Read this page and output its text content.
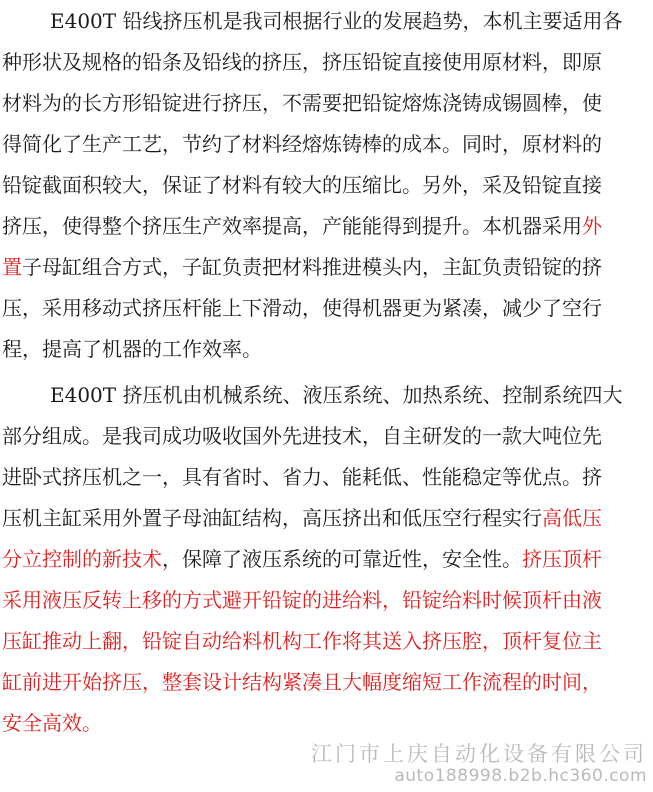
E400T 铅线挤压机是我司根据行业的发展趋势，本机主要适用各
种形状及规格的铅条及铅线的挤压，挤压铅锭直接使用原材料，即原
材料为的长方形铅锭进行挤压，不需要把铅锭熔炼浇铸成锡圆棒，使
得简化了生产工艺，节约了材料经熔炼铸棒的成本。同时，原材料的
铅锭截面积较大，保证了材料有较大的压缩比。另外，采及铅锭直接
挤压，使得整个挤压生产效率提高，产能能得到提升。本机器采用外
置子母缸组合方式，子缸负责把材料推进模头内，主缸负责铅锭的挤
压，采用移动式挤压杆能上下滑动，使得机器更为紧凑，减少了空行
程，提高了机器的工作效率。
E400T 挤压机由机械系统、液压系统、加热系统、控制系统四大
部分组成。是我司成功吸收国外先进技术，自主研发的一款大吨位先
进卧式挤压机之一，具有省时、省力、能耗低、性能稳定等优点。挤
压机主缸采用外置子母油缸结构，高压挤出和低压空行程实行高低压
分立控制的新技术，保障了液压系统的可靠近性，安全性。挤压顶杆
采用液压反转上移的方式避开铅锭的进给料，铅锭给料时候顶杆由液
压缸推动上翻，铅锭自动给料机构工作将其送入挤压腔，顶杆复位主
缸前进开始挤压，整套设计结构紧凑且大幅度缩短工作流程的时间，
安全高效。
江门市上庆自动化设备有限公司
auto188998.b2b.hc360.com
